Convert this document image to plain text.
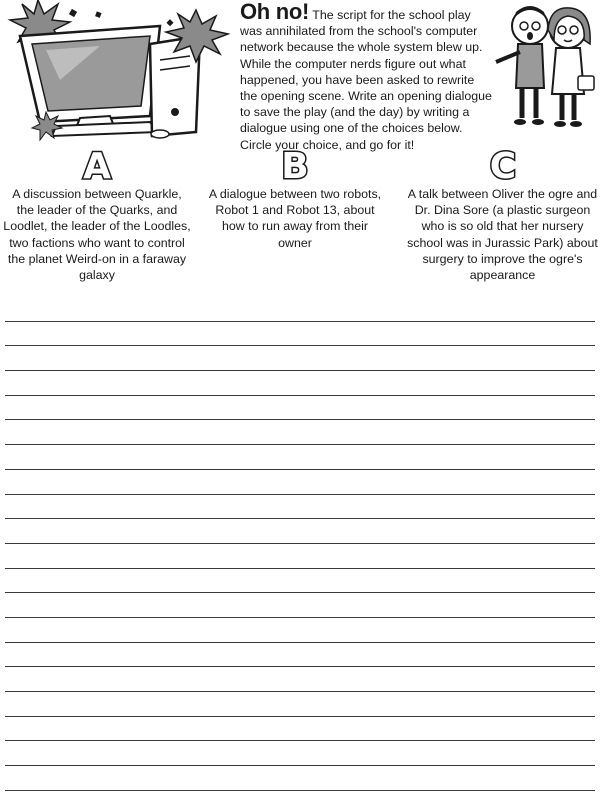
Oh no! The script for the school play was annihilated from the school's computer network because the whole system blew up. While the computer nerds figure out what happened, you have been asked to rewrite the opening scene. Write an opening dialogue to save the play (and the day) by writing a dialogue using one of the choices below. Circle your choice, and go for it!

A
A discussion between Quarkle, the leader of the Quarks, and Loodlet, the leader of the Loodles, two factions who want to control the planet Weird-on in a faraway galaxy
B
A dialogue between two robots, Robot 1 and Robot 13, about how to run away from their owner
C
A talk between Oliver the ogre and Dr. Dina Sore (a plastic surgeon who is so old that her nursery school was in Jurassic Park) about surgery to improve the ogre's appearance
